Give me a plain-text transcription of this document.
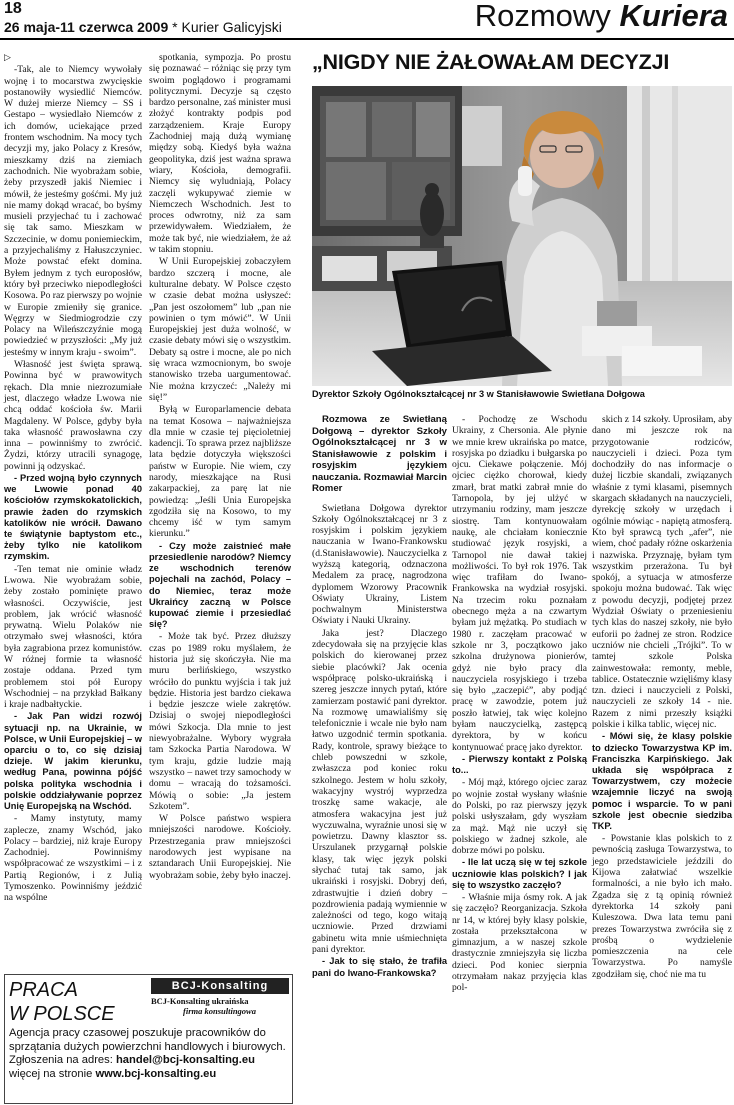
18
26 maja-11 czerwca 2009 * Kurier Galicyjski	Rozmowy Kuriera
▷

-Tak, ale to Niemcy wywołały wojnę i to mocarstwa zwycięskie postanowiły wysiedlić Niemców. W dużej mierze Niemcy – SS i Gestapo – wysiedlało Niemców z ich domów, uciekające przed frontem wschodnim. Na mocy tych decyzji my, jako Polacy z Kresów, mieszkamy dziś na ziemiach zachodnich. Nie wyobrażam sobie, żeby przyszedł jakiś Niemiec i mówił, że jesteśmy gośćmi. My już nie mamy dokąd wracać, bo byśmy musieli przyjechać tu i zachować się tak samo. Mieszkam w Szczecinie, w domu poniemieckim, a przyjechaliśmy z Hałuszczyniec. Może powstać efekt domina. Byłem jednym z tych europosłów, który był przeciwko niepodległości Kosowa. Po raz pierwszy po wojnie w Europie zmieniły się granice. Węgrzy w Siedmiogrodzie czy Polacy na Wileńszczyźnie mogą powiedzieć w przyszłości: „My już jesteśmy w innym kraju - swoim”.

Własność jest święta sprawą. Powinna być w prawowitych rękach. Dla mnie niezrozumiałe jest, dlaczego władze Lwowa nie chcą oddać kościoła św. Marii Magdaleny. W Polsce, gdyby była taka własność prawosławna czy inna – powinniśmy to zwrócić. Żydzi, którzy utracili synagogę, powinni ją odzyskać.

- Przed wojną było czynnych we Lwowie ponad 40 kościołów rzymskokatolickich, prawie żaden do rzymskich katolików nie wrócił. Dawano te świątynie baptystom etc., żeby tylko nie katolikom rzymskim.

-Ten temat nie ominie władz Lwowa. Nie wyobrażam sobie, żeby zostało pominięte prawo własności. Oczywiście, jest problem, jak wrócić własność prywatną. Wielu Polaków nie otrzymało swej własności, która była zagrabiona przez komunistów. W różnej formie ta własność zostaje oddana. Przed tym problemem stoi pół Europy Wschodniej – na przykład Bałkany i kraje nadbałtyckie.

- Jak Pan widzi rozwój sytuacji np. na Ukrainie, w Polsce, w Unii Europejskiej – w oparciu o to, co się dzisiaj dzieje. W jakim kierunku, według Pana, powinna pójść polska polityka wschodnia i polskie oddziaływanie poprzez Unię Europejską na Wschód.

- Mamy instytuty, mamy zaplecze, znamy Wschód, jako Polacy – bardziej, niż kraje Europy Zachodniej. Powinniśmy współpracować ze wszystkimi – i z Partią Regionów, i z Julią Tymoszenko. Powinniśmy jeździć na wspólne

spotkania, sympozja. Po prostu się poznawać – różniąc się przy tym swoim poglądowo i programami politycznymi. Decyzje są często bardzo personalne, zaś minister musi złożyć kontrakty podpis pod zarządzeniem. Kraje Europy Zachodniej mają dużą wymianę między sobą. Kiedyś była ważna geopolityka, dziś jest ważna sprawa wiary, Kościoła, demografii. Niemcy się wyludniają, Polacy zaczęli wykupywać ziemie w Niemczech Wschodnich. Jest to proces odwrotny, niż za sam przewidywałem. Wiedziałem, że może tak być, nie wiedziałem, że aż w takim stopniu.

W Unii Europejskiej zobaczyłem bardzo szczerą i mocne, ale kulturalne debaty. W Polsce często w czasie debat można usłyszeć: „Pan jest oszołomem” lub „pan nie powinien o tym mówić”. W Unii Europejskiej jest duża wolność, w czasie debaty mówi się o wszystkim. Debaty są ostre i mocne, ale po nich się wraca wzmocnionym, bo swoje stanowisko trzeba uargumentować. Nie można krzyczeć: „Należy mi się!”

Byłą w Europarlamencie debata na temat Kosowa – najważniejsza dla mnie w czasie tej pięcioletniej kadencji. To sprawa przez najbliższe lata będzie dotyczyła większości państw w Europie. Nie wiem, czy narody, mieszkające na Rusi zakarpackiej, za parę lat nie powiedzą: „Jeśli Unia Europejska zgodziła się na Kosowo, to my chcemy iść w tym samym kierunku.”

- Czy może zaistnieć małe przesiedlenie narodów? Niemcy ze wschodnich terenów pojechali na zachód, Polacy – do Niemiec, teraz może Ukraińcy zaczną w Polsce kupować ziemie i przesiedlać się?

- Może tak być. Przez dłuższy czas po 1989 roku myślałem, że historia już się skończyła. Nie ma muru berlińskiego, wszystko wróciło do punktu wyjścia i tak już będzie. Historia jest bardzo ciekawa i będzie jeszcze wiele zakrętów. Dzisiaj o swojej niepodległości mówi Szkocja. Dla mnie to jest niewyobrażalne. Wybory wygrała tam Szkocka Partia Narodowa. W tym kraju, gdzie ludzie mają wszystko – nawet trzy samochody w domu – wracają do tożsamości. Mówią o sobie: „Ja jestem Szkotem”.

W Polsce państwo wspiera mniejszości narodowe. Kościoły. Przestrzegania praw mniejszości narodowych jest wypisane na sztandarach Unii Europejskiej. Nie wyobrażam sobie, żeby było inaczej.

„NIGDY NIE ŻAŁOWAŁAM DECYZJI
Dyrektor Szkoły Ogólnokształcącej nr 3 w Stanisławowie Swietłana Dołgowa

Rozmowa ze Swietłaną Dołgową – dyrektor Szkoły Ogólnokształcącej nr 3 w Stanisławowie z polskim i rosyjskim językiem nauczania. Rozmawiał Marcin Romer

Swietłana Dołgowa dyrektor Szkoły Ogólnokształcącej nr 3 z rosyjskim i polskim językiem nauczania w Iwano-Frankowsku (d.Stanisławowie). Nauczycielka z wyższą kategorią, odznaczona Medalem za pracę, nagrodzona dyplomem Wzorowy Pracownik Oświaty Ukrainy, Listem pochwalnym Ministerstwa Oświaty i Nauki Ukrainy.

Jaka jest? Dlaczego zdecydowała się na przyjęcie klas polskich do kierowanej przez siebie placówki? Jak ocenia współpracę polsko-ukraińską i szereg jeszcze innych pytań, które zamierzam postawić pani dyrektor. Na rozmowę umawialiśmy się telefonicznie i wcale nie było nam łatwo uzgodnić termin spotkania. Rady, kontrole, sprawy bieżące to chleb powszedni w szkole, zwłaszcza pod koniec roku szkolnego. Jestem w holu szkoły, wakacyjny wystrój wyprzedza troszkę same wakacje, ale atmosfera wakacyjna jest już wyczuwalna, wyraźnie unosi się w powietrzu. Dawny klasztor ss. Urszulanek przygarnął polskie klasy, tak więc język polski słychać tutaj tak samo, jak ukraiński i rosyjski. Dobryj deń, zdrastwujtie i dzień dobry – pozdrowienia padają wymiennie w zależności od tego, kogo witają uczniowie. Przed drzwiami gabinetu wita mnie uśmiechnięta pani dyrektor.

- Jak to się stało, że trafiła pani do Iwano-Frankowska?

- Pochodzę ze Wschodu Ukrainy, z Chersonia. Ale płynie we mnie krew ukraińska po matce, rosyjska po dziadku i bułgarska po ojcu. Ciekawe połączenie. Mój ojciec ciężko chorował, kiedy zmarł, brat matki zabrał mnie do Tarnopola, by jej ulżyć w utrzymaniu rodziny, mam jeszcze siostrę. Tam kontynuowałam naukę, ale chciałam koniecznie studiować język rosyjski, a Tarnopol nie dawał takiej możliwości. To był rok 1976. Tak więc trafiłam do Iwano-Frankowska na wydział rosyjski. Na trzecim roku poznałam obecnego męża a na czwartym byłam już mężatką. Po studiach w 1980 r. zaczęłam pracować w szkole nr 3, początkowo jako szkolna drużynowa pionierów, gdyż nie było pracy dla nauczyciela rosyjskiego i trzeba się było „zaczepić”, aby podjąć pracę w zawodzie, potem już poszło łatwiej, tak więc kolejno byłam nauczycielką, zastępcą dyrektora, by w końcu kontynuować pracę jako dyrektor.

- Pierwszy kontakt z Polską to...

- Mój mąż, którego ojciec zaraz po wojnie został wysłany właśnie do Polski, po raz pierwszy język polski usłyszałam, gdy wyszłam za mąż. Mąż nie uczył się polskiego w żadnej szkole, ale dobrze mówi po polsku.

- Ile lat uczą się w tej szkole uczniowie klas polskich? I jak się to wszystko zaczęło?

- Właśnie mija ósmy rok. A jak się zaczęło? Reorganizacja. Szkoła nr 14, w której były klasy polskie, została przekształcona w gimnazjum, a w naszej szkole drastycznie zmniejszyła się liczba dzieci. Pod koniec sierpnia otrzymałam nakaz przyjęcia klas pol-

skich z 14 szkoły. Uprosiłam, aby dano mi jeszcze rok na przygotowanie rodziców, nauczycieli i dzieci. Poza tym dochodziły do nas informacje o dużej liczbie skandali, związanych właśnie z tymi klasami, pisemnych skargach składanych na nauczycieli, dyrekcję szkoły w urzędach i ogólnie mówiąc - napiętą atmosferą. Kto był sprawcą tych „afer”, nie wiem, choć padały różne oskarżenia i nazwiska. Przyznaję, byłam tym wszystkim przerażona. Tu był spokój, a sytuacja w atmosferze spokoju można budować. Tak więc z powodu decyzji, podjętej przez Wydział Oświaty o przeniesieniu tych klas do naszej szkoły, nie było euforii po żadnej ze stron. Rodzice uczniów nie chcieli „Trójki”. To w tamtej szkole Polska zainwestowała: remonty, meble, tablice. Ostatecznie wzięliśmy klasy tzn. dzieci i nauczycieli z Polski, nauczycieli ze szkoły 14 - nie. Razem z nimi przeszły książki polskie i kilka tablic, więcej nic.

- Mówi się, że klasy polskie to dziecko Towarzystwa KP im. Franciszka Karpińskiego. Jak układa się współpraca z Towarzystwem, czy możecie wzajemnie liczyć na swoją pomoc i wsparcie. To w pani szkole jest obecnie siedziba TKP.

- Powstanie klas polskich to z pewnością zasługa Towarzystwa, to jego przedstawiciele jeździli do Kijowa załatwiać wszelkie formalności, a nie było ich mało. Zgadza się z tą opinią również dyrektorka 14 szkoły pani Kuleszowa. Dwa lata temu pani prezes Towarzystwa zwróciła się z prośbą o wydzielenie pomieszczenia na cele Towarzystwa. Po namyśle zgodziłam się, choć nie ma tu

PRACA
W POLSCE
BCJ-Konsalting
BCJ-Konsalting ukraińska
firma konsultingowa
Agencja pracy czasowej poszukuje pracowników do sprzątania dużych powierzchni handlowych i biurowych.
Zgłoszenia na adres: handel@bcj-konsalting.eu
więcej na stronie www.bcj-konsalting.eu
